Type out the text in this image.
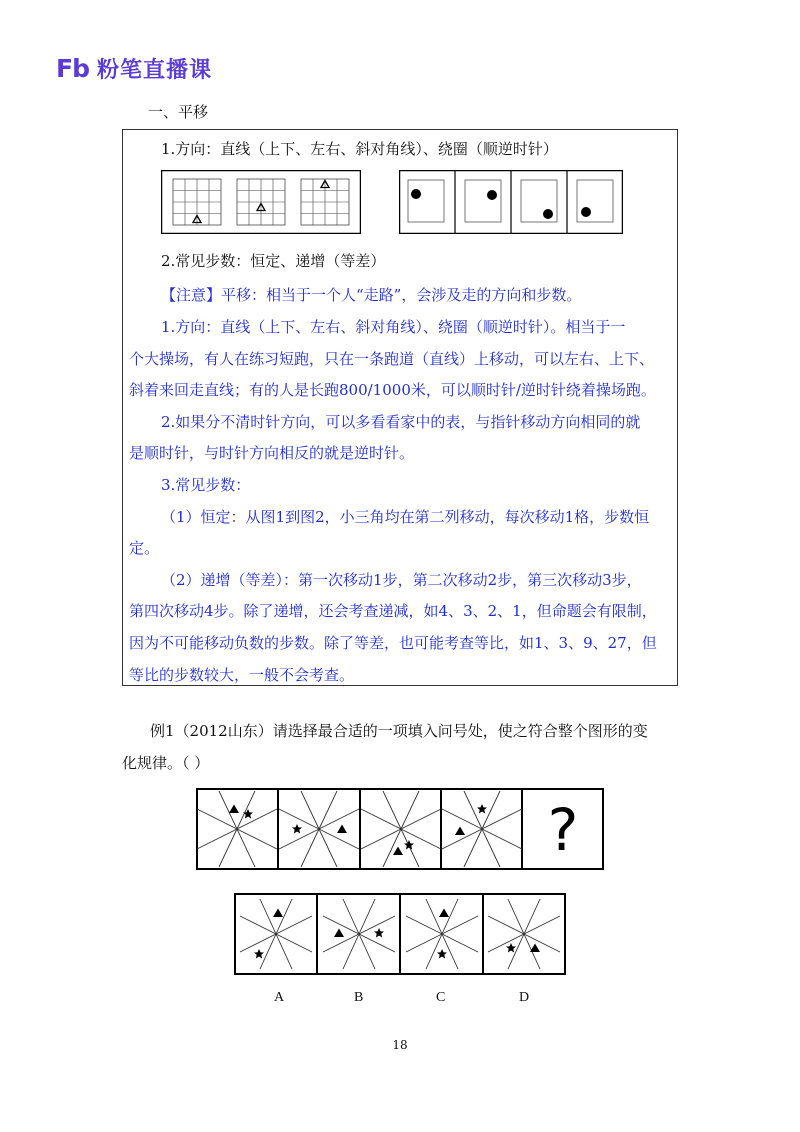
Fb 粉笔直播课
一、平移
1.方向：直线（上下、左右、斜对角线）、绕圈（顺逆时针）
2.常见步数：恒定、递增（等差）
【注意】平移：相当于一个人“走路”，会涉及走的方向和步数。
1.方向：直线（上下、左右、斜对角线）、绕圈（顺逆时针）。相当于一
个大操场，有人在练习短跑，只在一条跑道（直线）上移动，可以左右、上下、
斜着来回走直线；有的人是长跑800/1000米，可以顺时针/逆时针绕着操场跑。
2.如果分不清时针方向，可以多看看家中的表，与指针移动方向相同的就
是顺时针，与时针方向相反的就是逆时针。
3.常见步数：
（1）恒定：从图1到图2，小三角均在第二列移动，每次移动1格，步数恒
定。
（2）递增（等差）：第一次移动1步，第二次移动2步，第三次移动3步，
第四次移动4步。除了递增，还会考查递减，如4、3、2、1，但命题会有限制，
因为不可能移动负数的步数。除了等差，也可能考查等比，如1、3、9、27，但
等比的步数较大，一般不会考查。
例1（2012山东）请选择最合适的一项填入问号处，使之符合整个图形的变
化规律。（ ）
?
A	B	C	D
18
